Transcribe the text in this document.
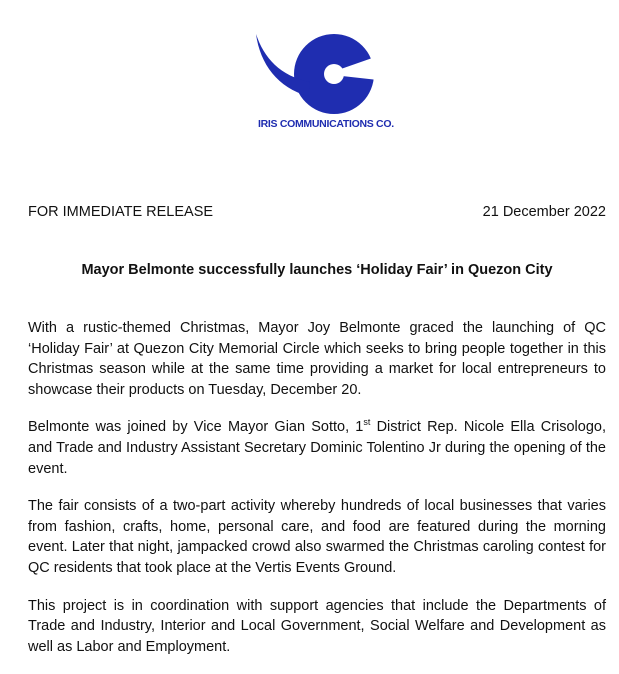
IRIS COMMUNICATIONS CO.
FOR IMMEDIATE RELEASE	21 December 2022
Mayor Belmonte successfully launches ‘Holiday Fair’ in Quezon City

With a rustic-themed Christmas, Mayor Joy Belmonte graced the launching of QC ‘Holiday Fair’ at Quezon City Memorial Circle which seeks to bring people together in this Christmas season while at the same time providing a market for local entrepreneurs to showcase their products on Tuesday, December 20.

Belmonte was joined by Vice Mayor Gian Sotto, 1st District Rep. Nicole Ella Crisologo, and Trade and Industry Assistant Secretary Dominic Tolentino Jr during the opening of the event.

The fair consists of a two-part activity whereby hundreds of local businesses that varies from fashion, crafts, home, personal care, and food are featured during the morning event. Later that night, jampacked crowd also swarmed the Christmas caroling contest for QC residents that took place at the Vertis Events Ground.

This project is in coordination with support agencies that include the Departments of Trade and Industry, Interior and Local Government, Social Welfare and Development as well as Labor and Employment.
